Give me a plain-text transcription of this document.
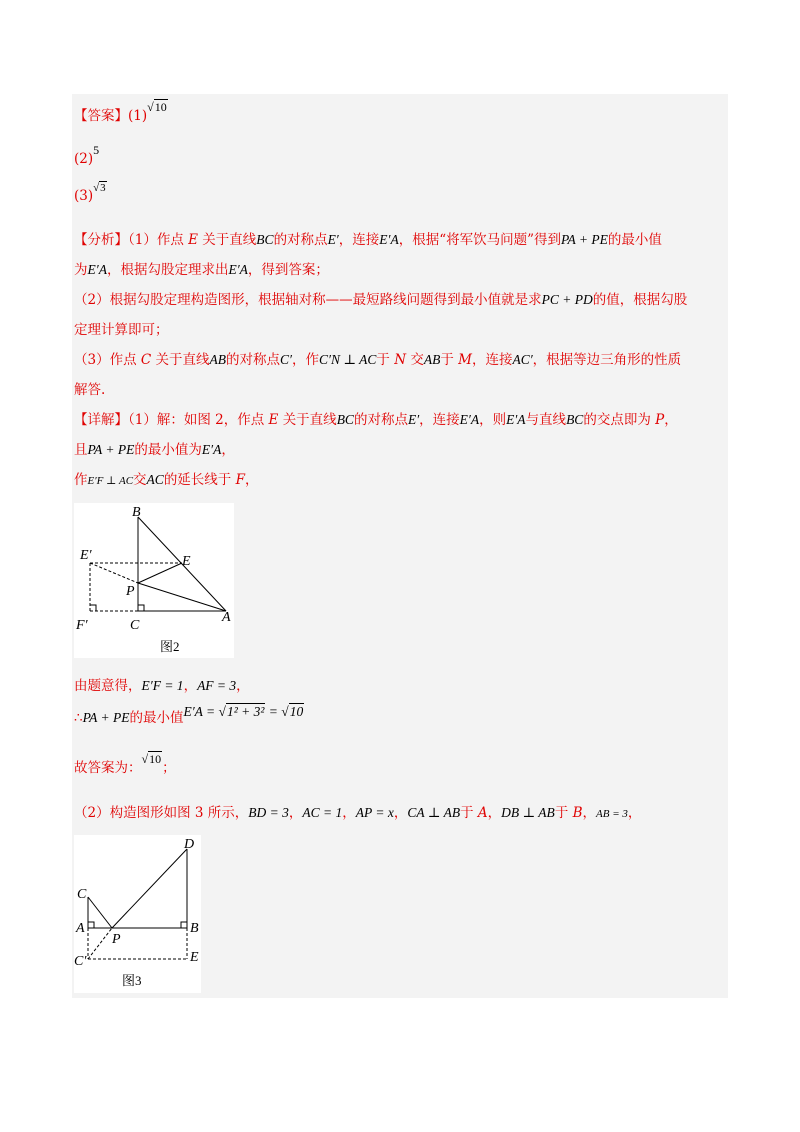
【答案】(1)√10
(2)5
$(3)^{√3}$
【分析】（1）作点 E 关于直线BC的对称点E′，连接E′A，根据“将军饮马问题”得到PA + PE的最小值
为E′A，根据勾股定理求出E′A，得到答案；
（2）根据勾股定理构造图形，根据轴对称——最短路线问题得到最小值就是求PC + PD的值，根据勾股
定理计算即可；
（3）作点 C 关于直线AB的对称点C′，作C′N ⊥ AC于 N 交AB于 M，连接AC′，根据等边三角形的性质
解答.
【详解】（1）解：如图 2，作点 E 关于直线BC的对称点E′，连接E′A，则E′A与直线BC的交点即为 P，
且PA + PE的最小值为E′A，
作E′F ⊥ AC交AC的延长线于 F，
B
E′	E
P
F′	C
A
图2
由题意得，E′F = 1，AF = 3，
∴PA + PE的最小值E′A = √1² + 3² = √10
故答案为：√10；
（2）构造图形如图 3 所示，BD = 3，AC = 1，AP = x，CA ⊥ AB于 A，DB ⊥ AB于 B，AB = 3，
D
C
A
P
B
C′	E
图3
